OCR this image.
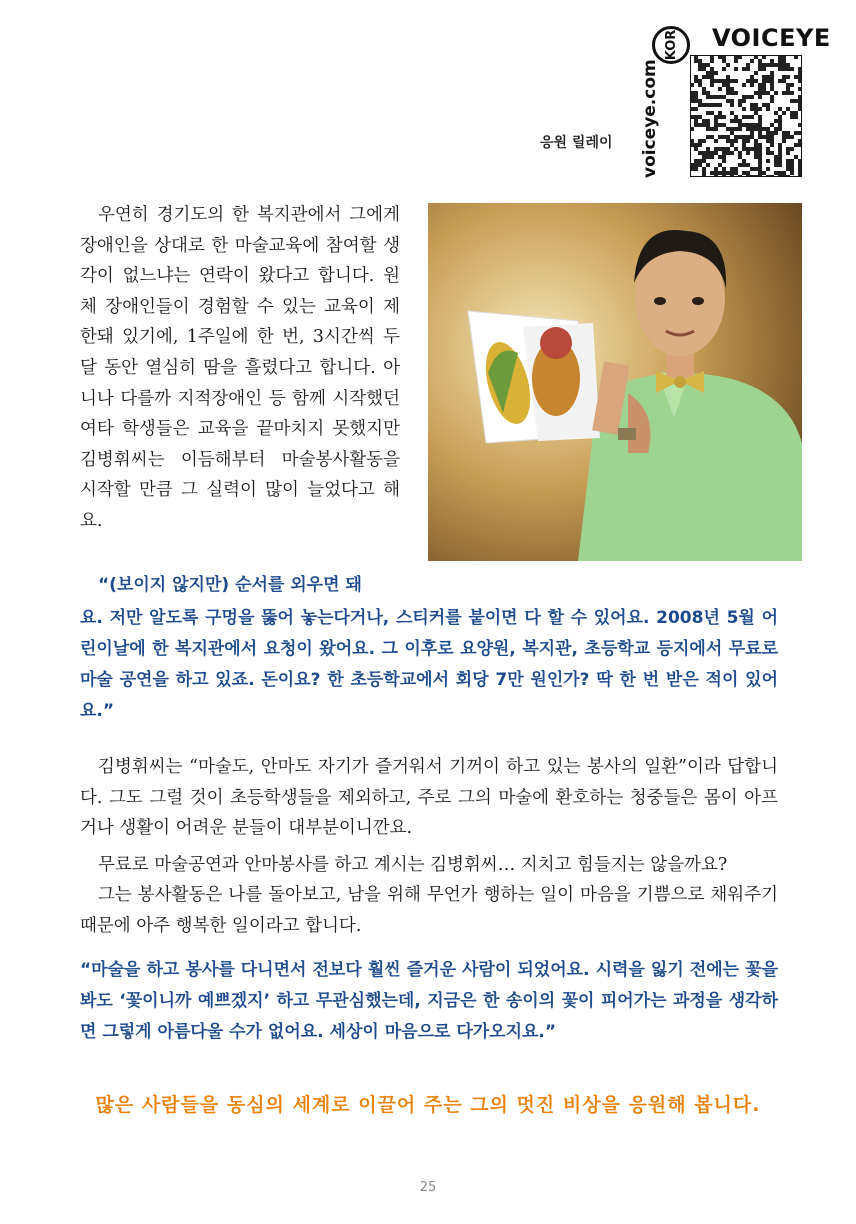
KOR VOICEYE
voiceye.com
응원 릴레이

우연히 경기도의 한 복지관에서 그에게 장애인을 상대로 한 마술교육에 참여할 생각이 없느냐는 연락이 왔다고 합니다. 원체 장애인들이 경험할 수 있는 교육이 제한돼 있기에, 1주일에 한 번, 3시간씩 두 달 동안 열심히 땀을 흘렸다고 합니다. 아니나 다를까 지적장애인 등 함께 시작했던 여타 학생들은 교육을 끝마치지 못했지만 김병휘씨는 이듬해부터 마술봉사활동을 시작할 만큼 그 실력이 많이 늘었다고 해요.

“(보이지 않지만) 순서를 외우면 돼

요. 저만 알도록 구멍을 뚫어 놓는다거나, 스티커를 붙이면 다 할 수 있어요. 2008년 5월 어린이날에 한 복지관에서 요청이 왔어요. 그 이후로 요양원, 복지관, 초등학교 등지에서 무료로 마술 공연을 하고 있죠. 돈이요? 한 초등학교에서 회당 7만 원인가? 딱 한 번 받은 적이 있어요.”

김병휘씨는 “마술도, 안마도 자기가 즐거워서 기꺼이 하고 있는 봉사의 일환”이라 답합니다. 그도 그럴 것이 초등학생들을 제외하고, 주로 그의 마술에 환호하는 청중들은 몸이 아프거나 생활이 어려운 분들이 대부분이니깐요.

무료로 마술공연과 안마봉사를 하고 계시는 김병휘씨… 지치고 힘들지는 않을까요?

그는 봉사활동은 나를 돌아보고, 남을 위해 무언가 행하는 일이 마음을 기쁨으로 채워주기 때문에 아주 행복한 일이라고 합니다.

“마술을 하고 봉사를 다니면서 전보다 훨씬 즐거운 사람이 되었어요. 시력을 잃기 전에는 꽃을 봐도 ‘꽃이니까 예쁘겠지’ 하고 무관심했는데, 지금은 한 송이의 꽃이 피어가는 과정을 생각하면 그렇게 아름다울 수가 없어요. 세상이 마음으로 다가오지요.”

많은 사람들을 동심의 세계로 이끌어 주는 그의 멋진 비상을 응원해 봅니다.
25
